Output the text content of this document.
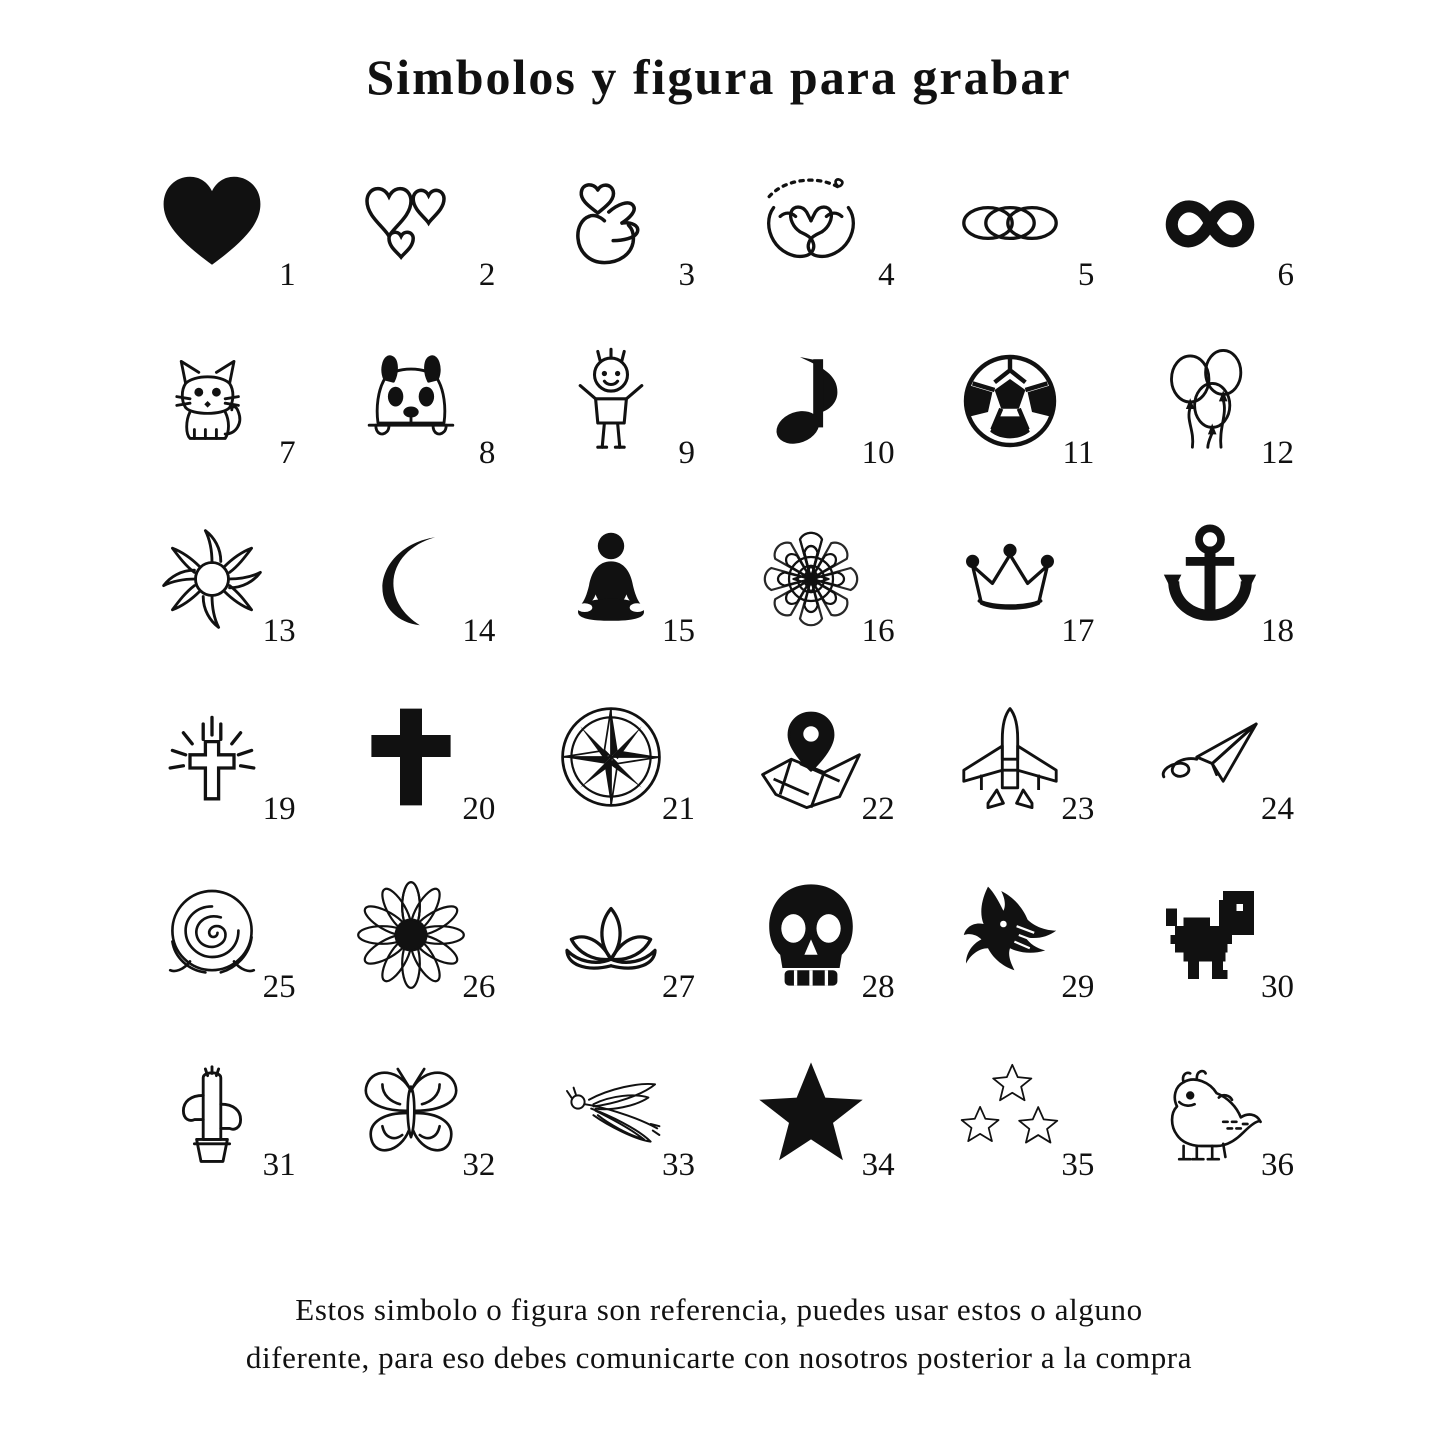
Simbolos y figura para grabar
1	2	3	4	5	6
7	8	9	10	11	12
13	14	15	16	17	18
19	20	21	22	23	24
25	26	27	28	29	30
31	32	33	34	35	36
Estos simbolo o figura son referencia, puedes usar estos o alguno
diferente, para eso debes comunicarte con nosotros posterior a la compra
